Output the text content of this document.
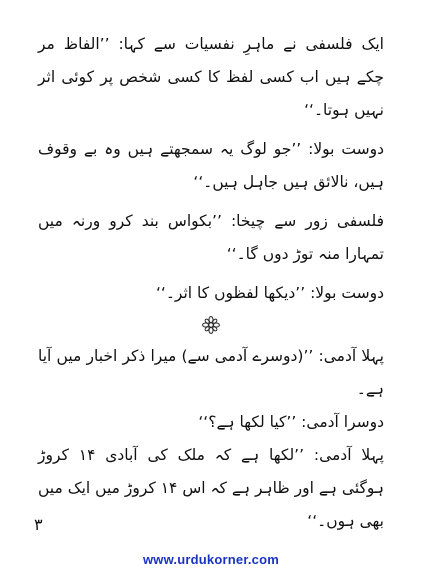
ایک فلسفی نے ماہرِ نفسیات سے کہا: ’’الفاظ مر چکے ہیں اب کسی لفظ کا کسی شخص پر کوئی اثر نہیں ہوتا۔‘‘

دوست بولا: ’’جو لوگ یہ سمجھتے ہیں وہ بے وقوف ہیں، نالائق ہیں جاہل ہیں۔‘‘

فلسفی زور سے چیخا: ’’بکواس بند کرو ورنہ میں تمہارا منہ توڑ دوں گا۔‘‘

دوست بولا: ’’دیکھا لفظوں کا اثر۔‘‘

پہلا آدمی: ’’(دوسرے آدمی سے) میرا ذکر اخبار میں آیا ہے۔

دوسرا آدمی: ’’کیا لکھا ہے؟‘‘

پہلا آدمی: ’’لکھا ہے کہ ملک کی آبادی ۱۴ کروڑ ہوگئی ہے اور ظاہر ہے کہ اس ۱۴ کروڑ میں ایک میں بھی ہوں۔‘‘

۳
www.urdukorner.com
